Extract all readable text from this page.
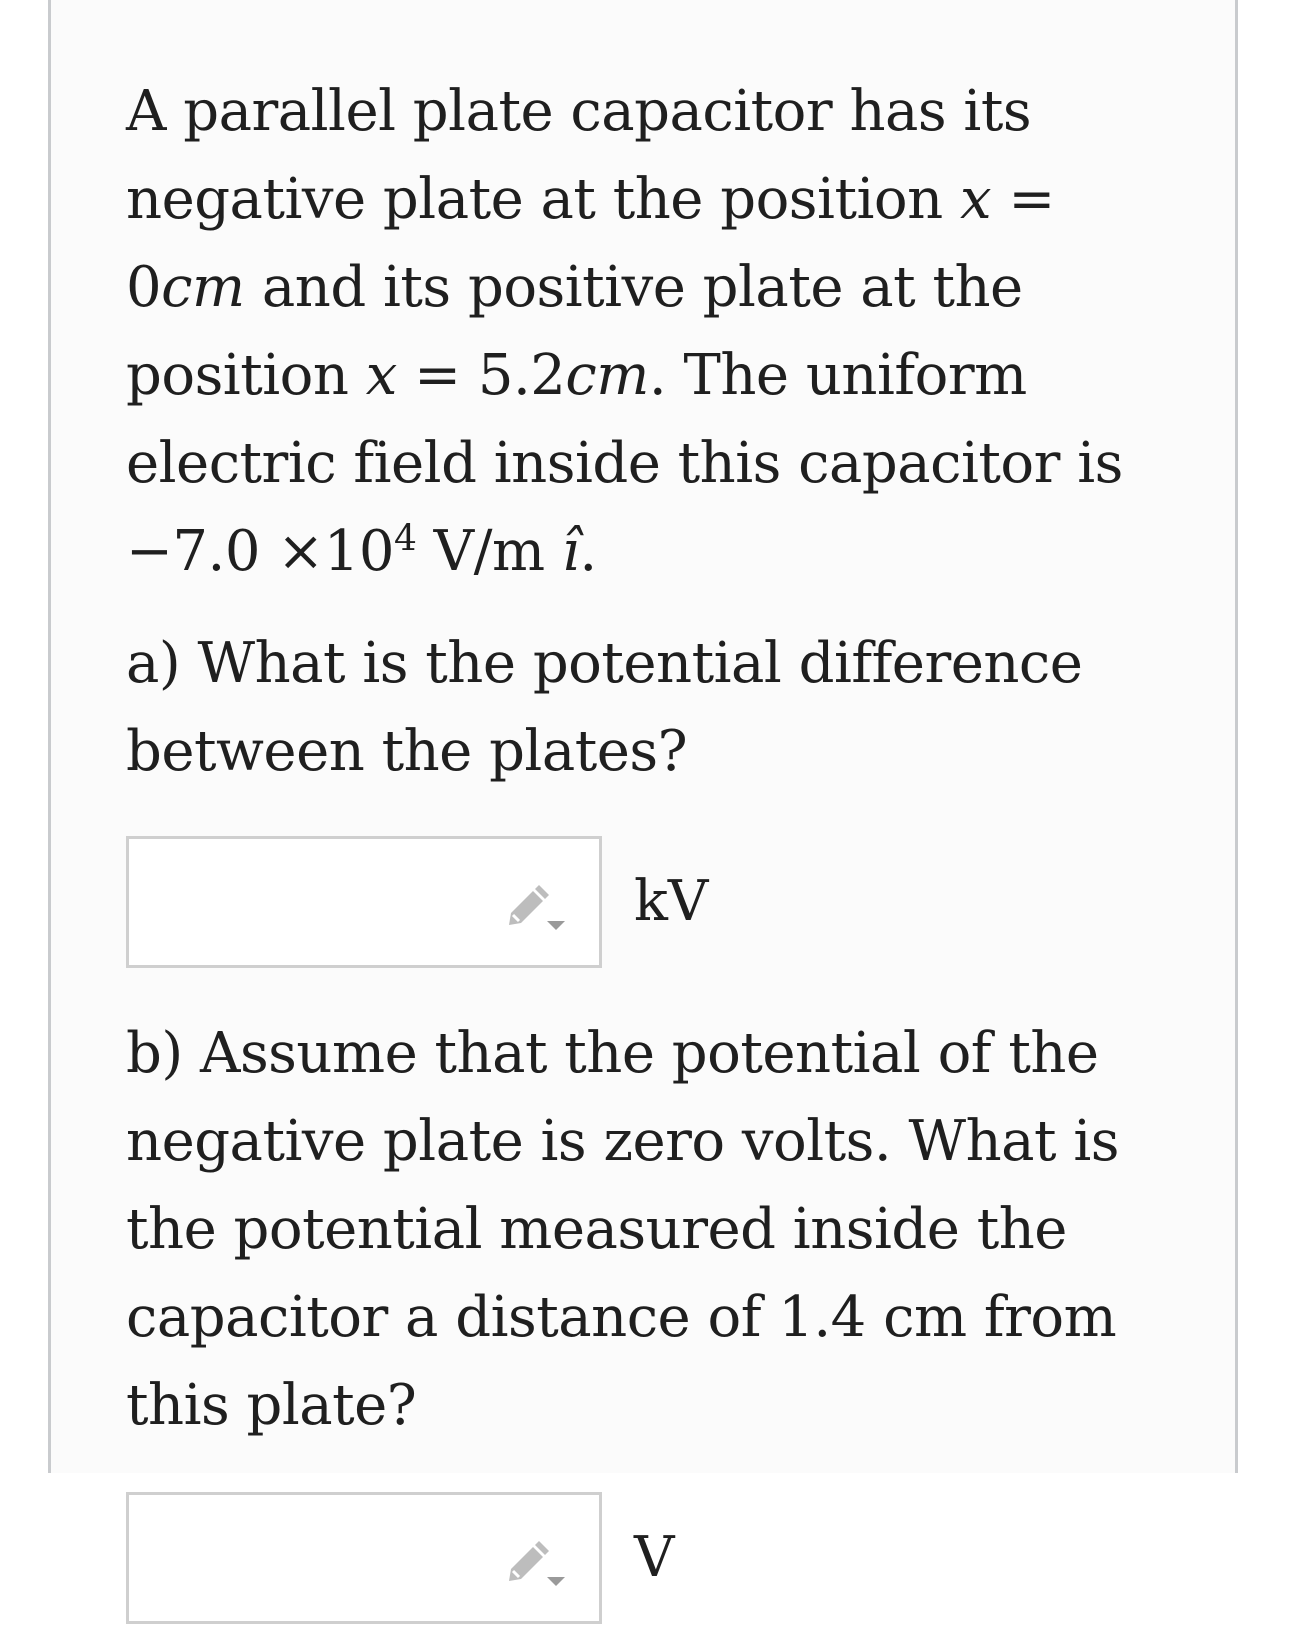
A parallel plate capacitor has its negative plate at the position x = 0cm and its positive plate at the position x = 5.2cm. The uniform electric field inside this capacitor is $-7.0 \times 10^4$ V/m î.

a) What is the potential difference between the plates?

kV

b) Assume that the potential of the negative plate is zero volts. What is the potential measured inside the capacitor a distance of 1.4 cm from this plate?

V
